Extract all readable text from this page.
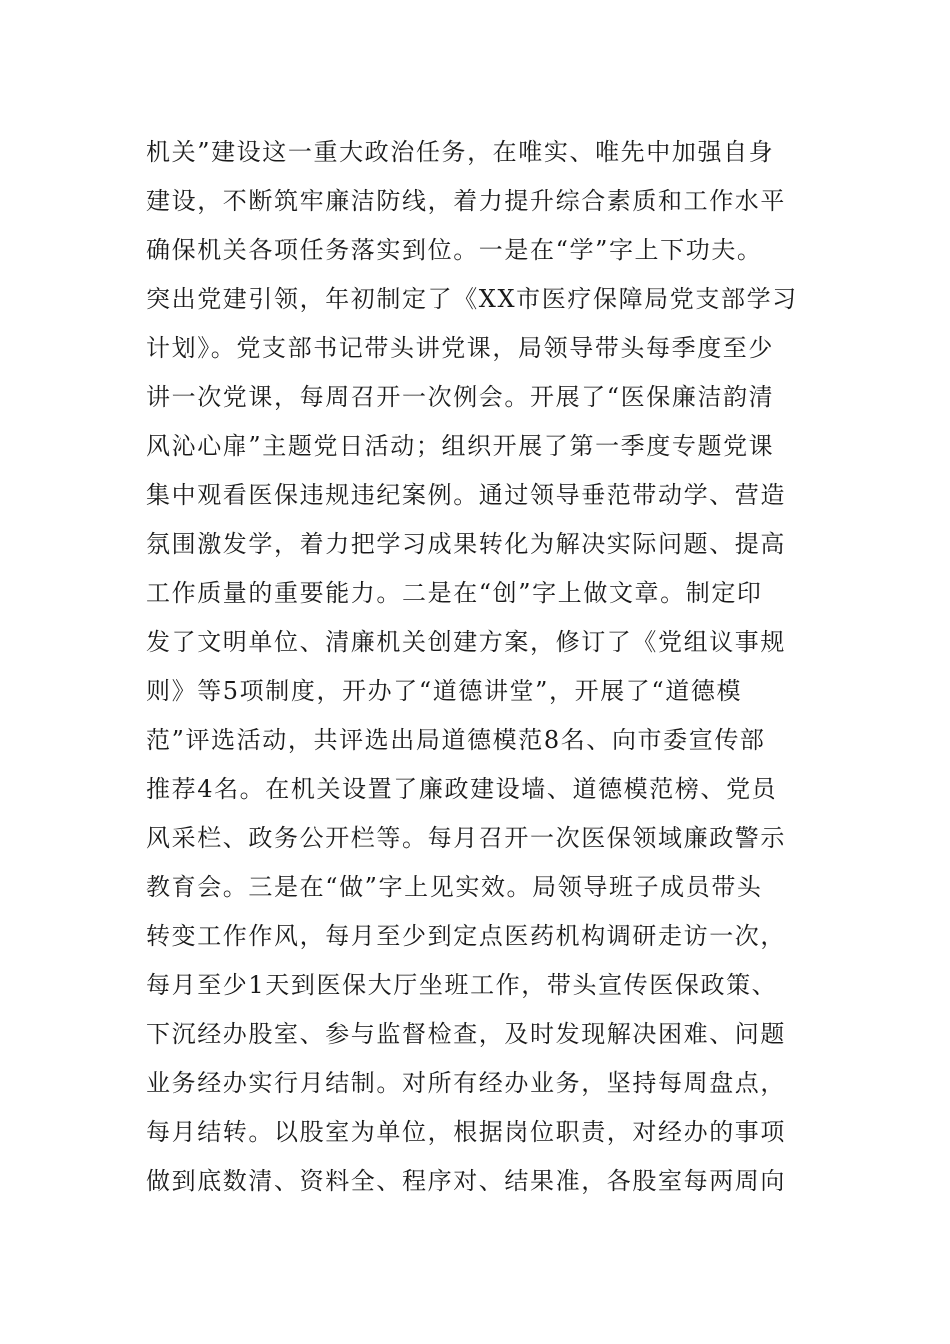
机关”建设这一重大政治任务，在唯实、唯先中加强自身
建设，不断筑牢廉洁防线，着力提升综合素质和工作水平
确保机关各项任务落实到位。一是在“学”字上下功夫。
突出党建引领，年初制定了《XX市医疗保障局党支部学习
计划》。党支部书记带头讲党课，局领导带头每季度至少
讲一次党课，每周召开一次例会。开展了“医保廉洁韵清
风沁心扉”主题党日活动；组织开展了第一季度专题党课
集中观看医保违规违纪案例。通过领导垂范带动学、营造
氛围激发学，着力把学习成果转化为解决实际问题、提高
工作质量的重要能力。二是在“创”字上做文章。制定印
发了文明单位、清廉机关创建方案，修订了《党组议事规
则》等5项制度，开办了“道德讲堂”，开展了“道德模
范”评选活动，共评选出局道德模范8名、向市委宣传部
推荐4名。在机关设置了廉政建设墙、道德模范榜、党员
风采栏、政务公开栏等。每月召开一次医保领域廉政警示
教育会。三是在“做”字上见实效。局领导班子成员带头
转变工作作风，每月至少到定点医药机构调研走访一次，
每月至少1天到医保大厅坐班工作，带头宣传医保政策、
下沉经办股室、参与监督检查，及时发现解决困难、问题
业务经办实行月结制。对所有经办业务，坚持每周盘点，
每月结转。以股室为单位，根据岗位职责，对经办的事项
做到底数清、资料全、程序对、结果准，各股室每两周向
